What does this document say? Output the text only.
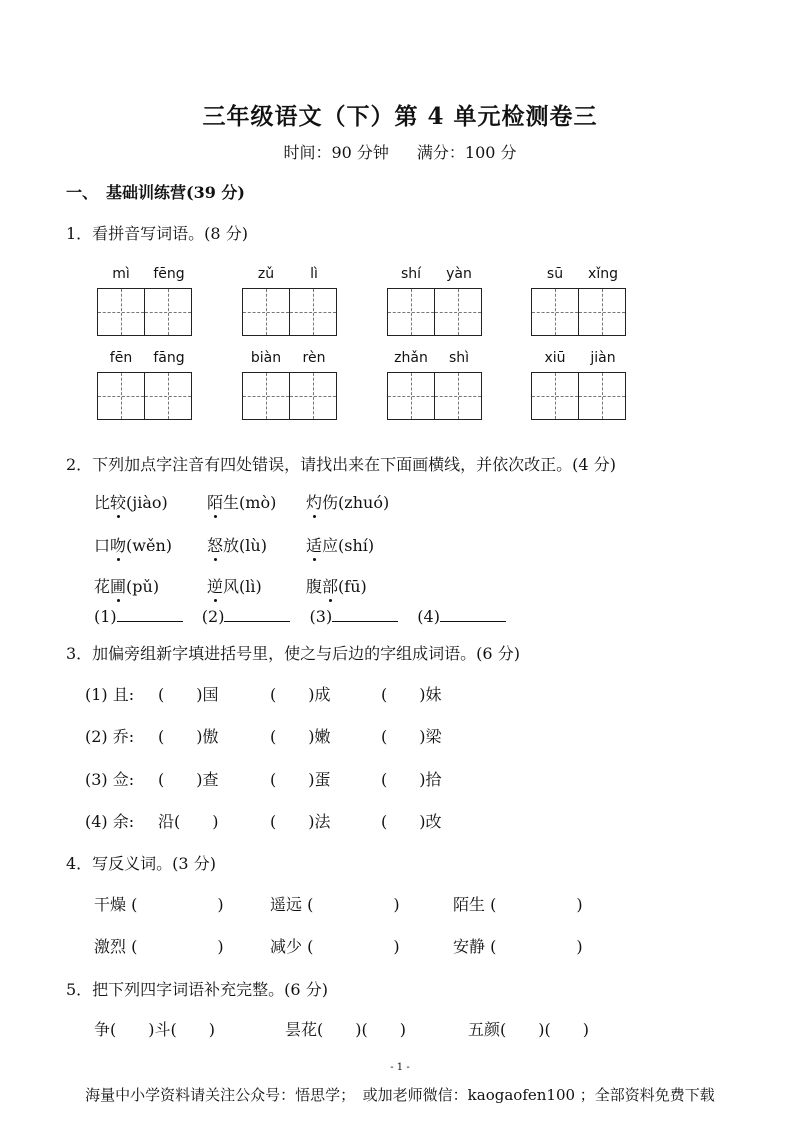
三年级语文（下）第 4 单元检测卷三
时间：90 分钟 满分：100 分
一、　基础训练营(39 分)
1．看拼音写词语。(8 分)
mì	fēng	zǔ	lì	shí	yàn	sū	xǐng
fēn	fāng	biàn	rèn	zhǎn	shì	xiū	jiàn
2．下列加点字注音有四处错误，请找出来在下面画横线，并依次改正。(4 分)
比较(jiào) 陌生(mò) 灼伤(zhuó)
口吻(wěn) 怒放(lù) 适应(shí)
花圃(pǔ)	逆风(lì)	腹部(fū)
(1)	(2)	(3)	(4)
3．加偏旁组新字填进括号里，使之与后边的字组成词语。(6 分)
(1) 且: (　　)国	(　　)成	(　　)妹
(2) 乔: (　　)傲	(　　)嫩	(　　)梁
(3) 佥: (　　)查	(　　)蛋	(　　)拾
(4) 余: 沿(　　)	(　　)法	(　　)改
4．写反义词。(3 分)
干燥 (　　　　　)	遥远 (　　　　　)	陌生 (　　　　　)
激烈 (　　　　　)	减少 (　　　　　)	安静 (　　　　　)
5．把下列四字词语补充完整。(6 分)
争(　　)斗(　　)	昙花(　　)(　　)	五颜(　　)(　　)
- 1 -
海量中小学资料请关注公众号：悟思学；　或加老师微信：kaogaofen100 ；全部资料免费下载
